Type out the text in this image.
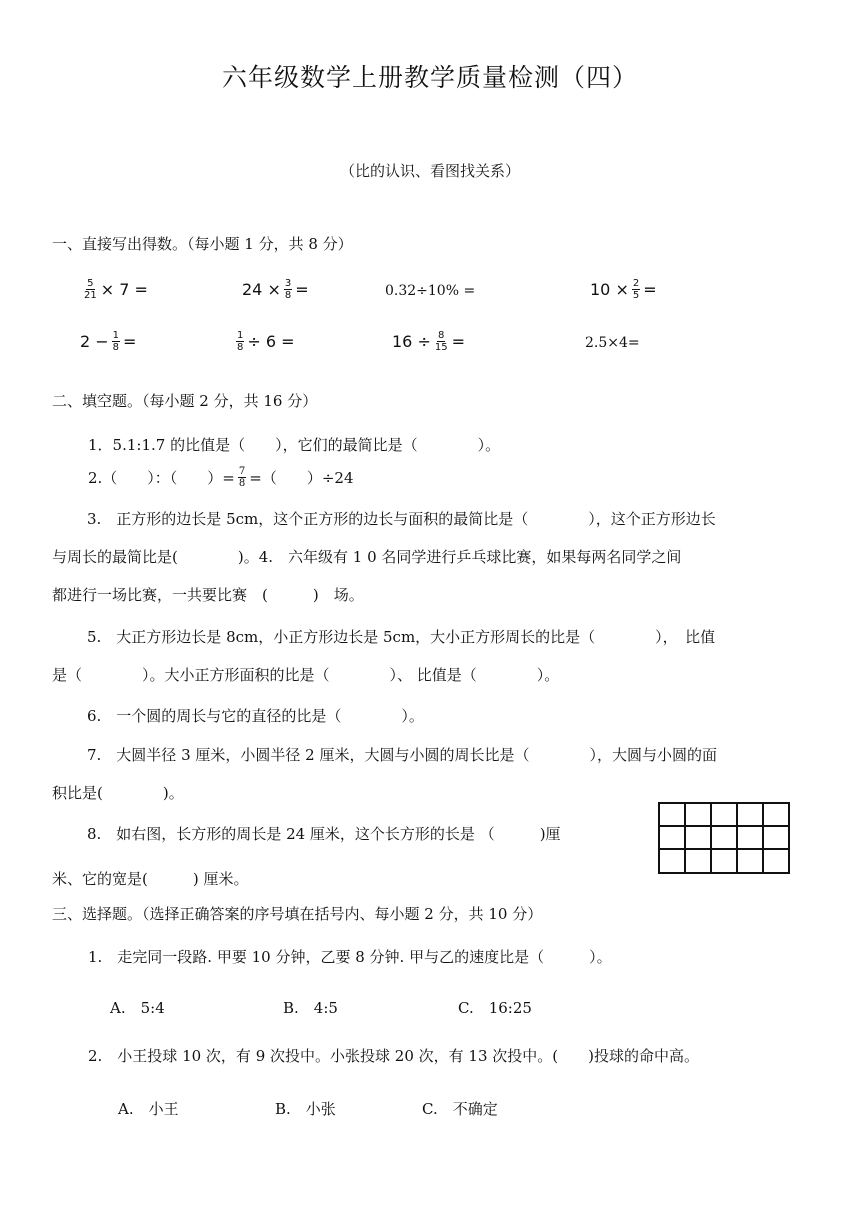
六年级数学上册教学质量检测（四）
（比的认识、看图找关系）
一、直接写出得数。（每小题 1 分，共 8 分）
$\frac{5}{21} \times 7$ =	$24 \times \frac{3}{8}$ =	0.32÷10% =	$10 \times \frac{2}{5}$ =
$2 - \frac{1}{8}$ =	$\frac{1}{8} \div 6$ =	$16 \div \frac{8}{15}$ =	2.5×4=
二、填空题。（每小题 2 分，共 16 分）
1．5.1:1.7 的比值是（　　），它们的最简比是（　　　　）。
2.（　　）：（　　）= $\frac{7}{8}$ =（　　）÷24

3.　正方形的边长是 5cm，这个正方形的边长与面积的最简比是（　　　　），这个正方形边长

与周长的最简比是(　　　　)。4.　六年级有 1 0 名同学进行乒乓球比赛，如果每两名同学之间

都进行一场比赛，一共要比赛　(　　　)　场。

5.　大正方形边长是 8cm，小正方形边长是 5cm，大小正方形周长的比是（　　　　），　比值

是（　　　　）。大小正方形面积的比是（　　　　）、 比值是（　　　　）。

6.　一个圆的周长与它的直径的比是（　　　　）。

7.　大圆半径 3 厘米，小圆半径 2 厘米，大圆与小圆的周长比是（　　　　），大圆与小圆的面

积比是(　　　　)。

8.　如右图，长方形的周长是 24 厘米，这个长方形的长是 （　　　)厘

米、它的宽是(　　　) 厘米。
三、选择题。（选择正确答案的序号填在括号内、每小题 2 分，共 10 分）
1.　走完同一段路. 甲要 10 分钟，乙要 8 分钟. 甲与乙的速度比是（　　　）。
A.　5:4	B.　4:5	C.　16:25
2.　小王投球 10 次，有 9 次投中。小张投球 20 次，有 13 次投中。(　　)投球的命中高。
A.　小王	B.　小张	C.　不确定
